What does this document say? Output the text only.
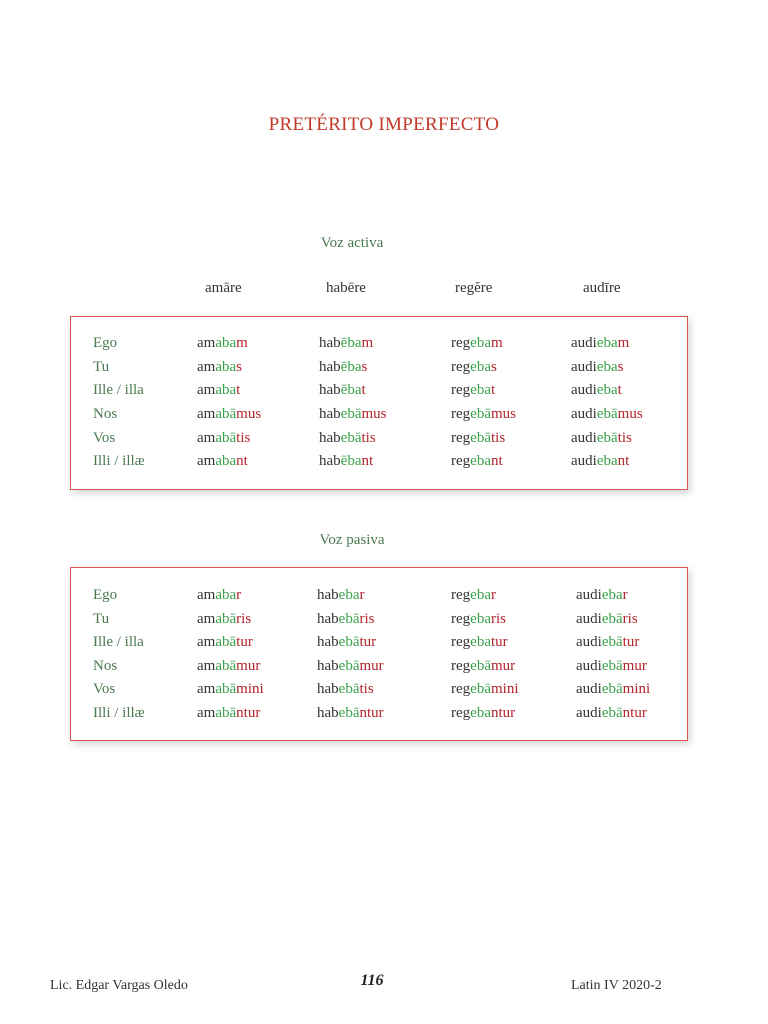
PRETÉRITO IMPERFECTO
Voz activa
amāre	habēre	regĕre	audīre
Ego	amabam	habēbam	regebam	audiebam
Tu	amabas	habēbas	regebas	audiebas
Ille / illa	amabat	habēbat	regebat	audiebat
Nos	amabāmus	habebāmus	regebāmus	audiebāmus
Vos	amabātis	habebātis	regebātis	audiebātis
Illi / illæ	amabant	habēbant	regebant	audiebant
Voz pasiva
Ego	amabar	habebar	regebar	audiebar
Tu	amabāris	habebāris	regebaris	audiebāris
Ille / illa	amabātur	habebātur	regebatur	audiebātur
Nos	amabāmur	habebāmur	regebāmur	audiebāmur
Vos	amabāmini	habebātis	regebāmini	audiebāmini
Illi / illæ	amabāntur	habebāntur	regebantur	audiebāntur
Lic. Edgar Vargas Oledo	116	Latin IV 2020-2
